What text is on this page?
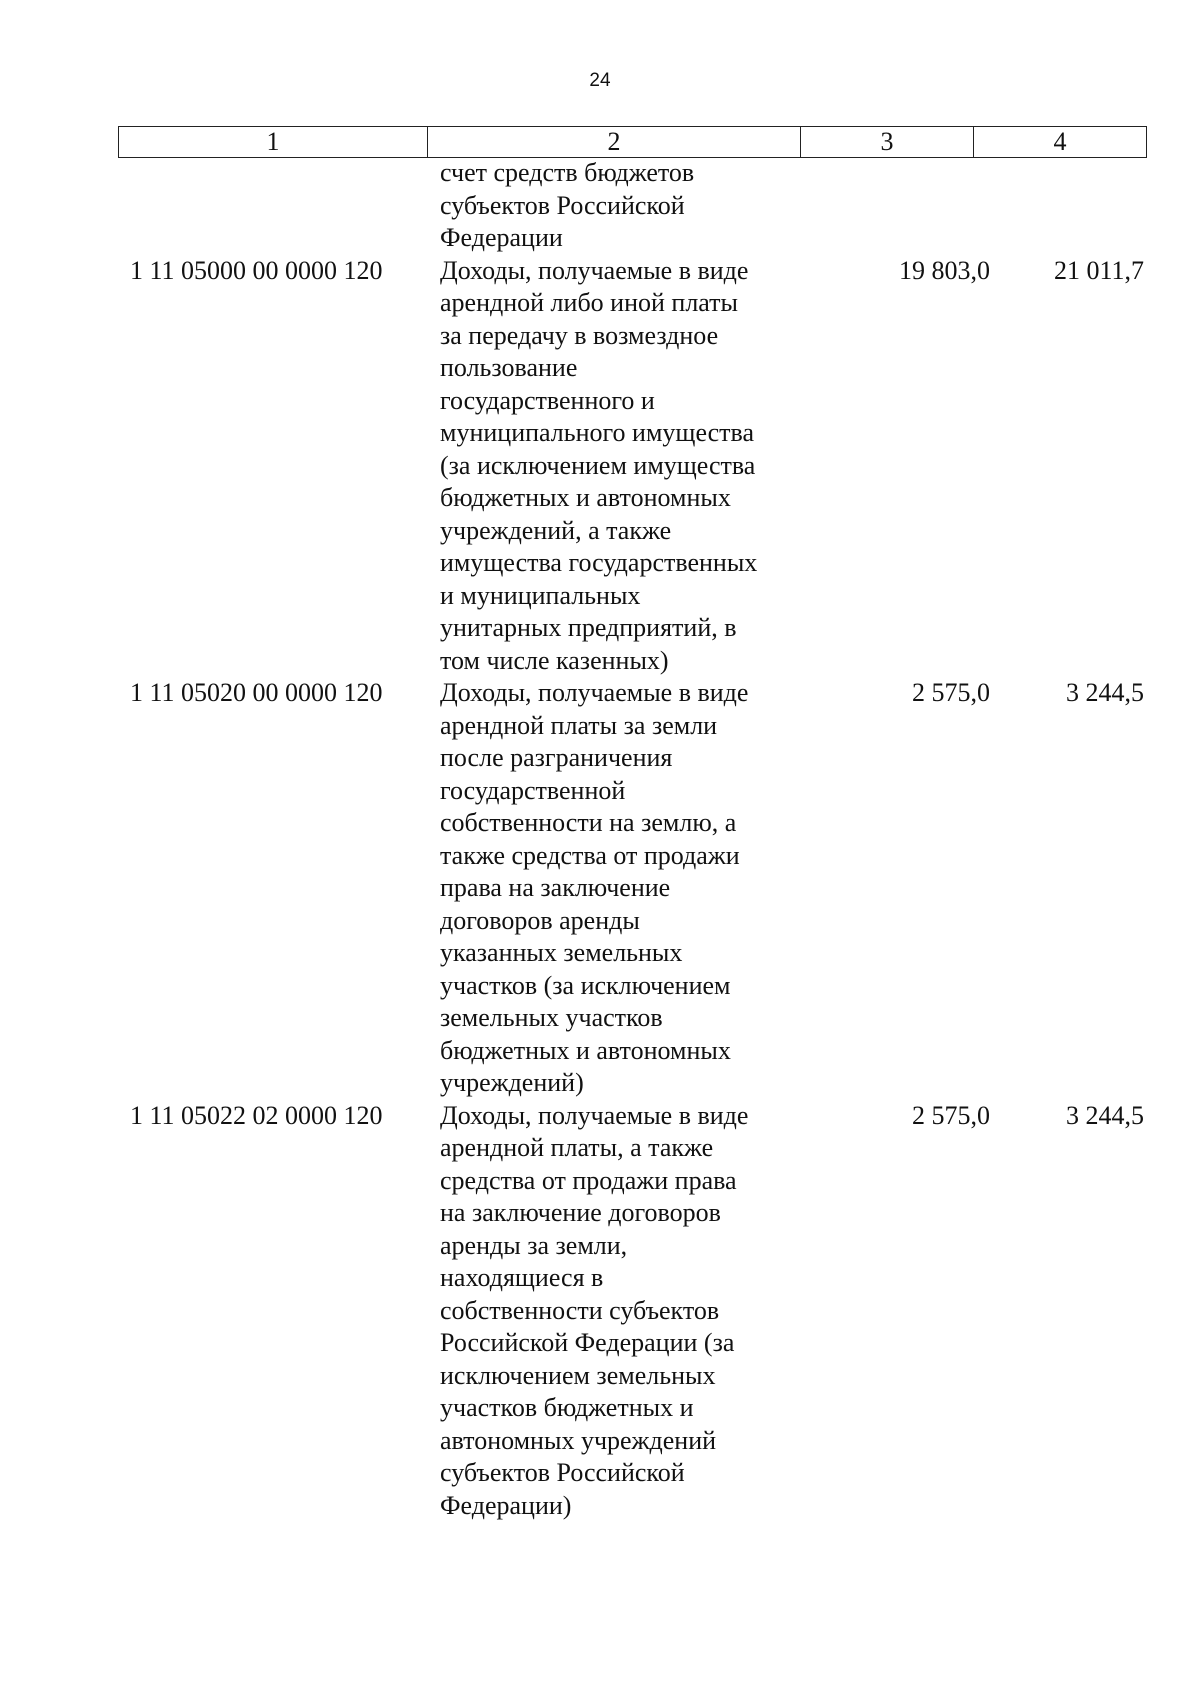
24
1	2	3	4
счет средств бюджетов
субъектов Российской
Федерации
1 11 05000 00 0000 120	Доходы, получаемые в виде
арендной либо иной платы
за передачу в возмездное
пользование
государственного и
муниципального имущества
(за исключением имущества
бюджетных и автономных
учреждений, а также
имущества государственных
и муниципальных
унитарных предприятий, в
том числе казенных)
19 803,0	21 011,7
1 11 05020 00 0000 120	Доходы, получаемые в виде
арендной платы за земли
после разграничения
государственной
собственности на землю, а
также средства от продажи
права на заключение
договоров аренды
указанных земельных
участков (за исключением
земельных участков
бюджетных и автономных
учреждений)
2 575,0	3 244,5
1 11 05022 02 0000 120	Доходы, получаемые в виде
арендной платы, а также
средства от продажи права
на заключение договоров
аренды за земли,
находящиеся в
собственности субъектов
Российской Федерации (за
исключением земельных
участков бюджетных и
автономных учреждений
субъектов Российской
Федерации)
2 575,0	3 244,5
